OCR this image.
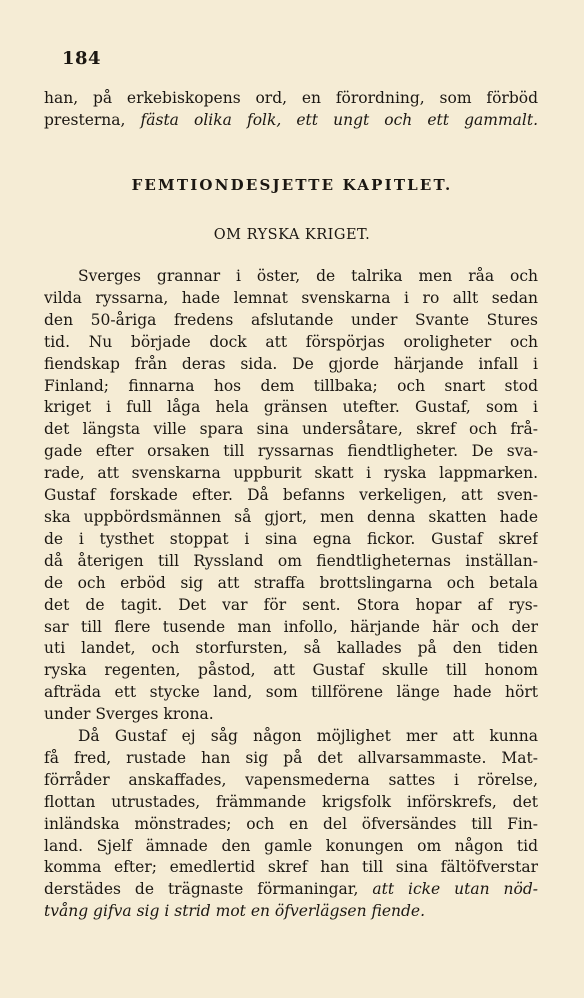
184
han, på erkebiskopens ord, en förordning, som förböd
presterna, fästa olika folk, ett ungt och ett gammalt.
FEMTIONDESJETTE KAPITLET.
OM RYSKA KRIGET.
Sverges grannar i öster, de talrika men råa och
vilda ryssarna, hade lemnat svenskarna i ro allt sedan
den 50-åriga fredens afslutande under Svante Stures
tid. Nu började dock att förspörjas oroligheter och
fiendskap från deras sida. De gjorde härjande infall i
Finland; finnarna hos dem tillbaka; och snart stod
kriget i full låga hela gränsen utefter. Gustaf, som i
det längsta ville spara sina undersåtare, skref och frå-
gade efter orsaken till ryssarnas fiendtligheter. De sva-
rade, att svenskarna uppburit skatt i ryska lappmarken.
Gustaf forskade efter. Då befanns verkeligen, att sven-
ska uppbördsmännen så gjort, men denna skatten hade
de i tysthet stoppat i sina egna fickor. Gustaf skref
då återigen till Ryssland om fiendtligheternas inställan-
de och erböd sig att straffa brottslingarna och betala
det de tagit. Det var för sent. Stora hopar af rys-
sar till flere tusende man infollo, härjande här och der
uti landet, och storfursten, så kallades på den tiden
ryska regenten, påstod, att Gustaf skulle till honom
afträda ett stycke land, som tillförene länge hade hört
under Sverges krona.
Då Gustaf ej såg någon möjlighet mer att kunna
få fred, rustade han sig på det allvarsammaste. Mat-
förråder anskaffades, vapensmederna sattes i rörelse,
flottan utrustades, främmande krigsfolk införskrefs, det
inländska mönstrades; och en del öfversändes till Fin-
land. Sjelf ämnade den gamle konungen om någon tid
komma efter; emedlertid skref han till sina fältöfverstar
derstädes de trägnaste förmaningar, att icke utan nöd-
tvång gifva sig i strid mot en öfverlägsen fiende.
